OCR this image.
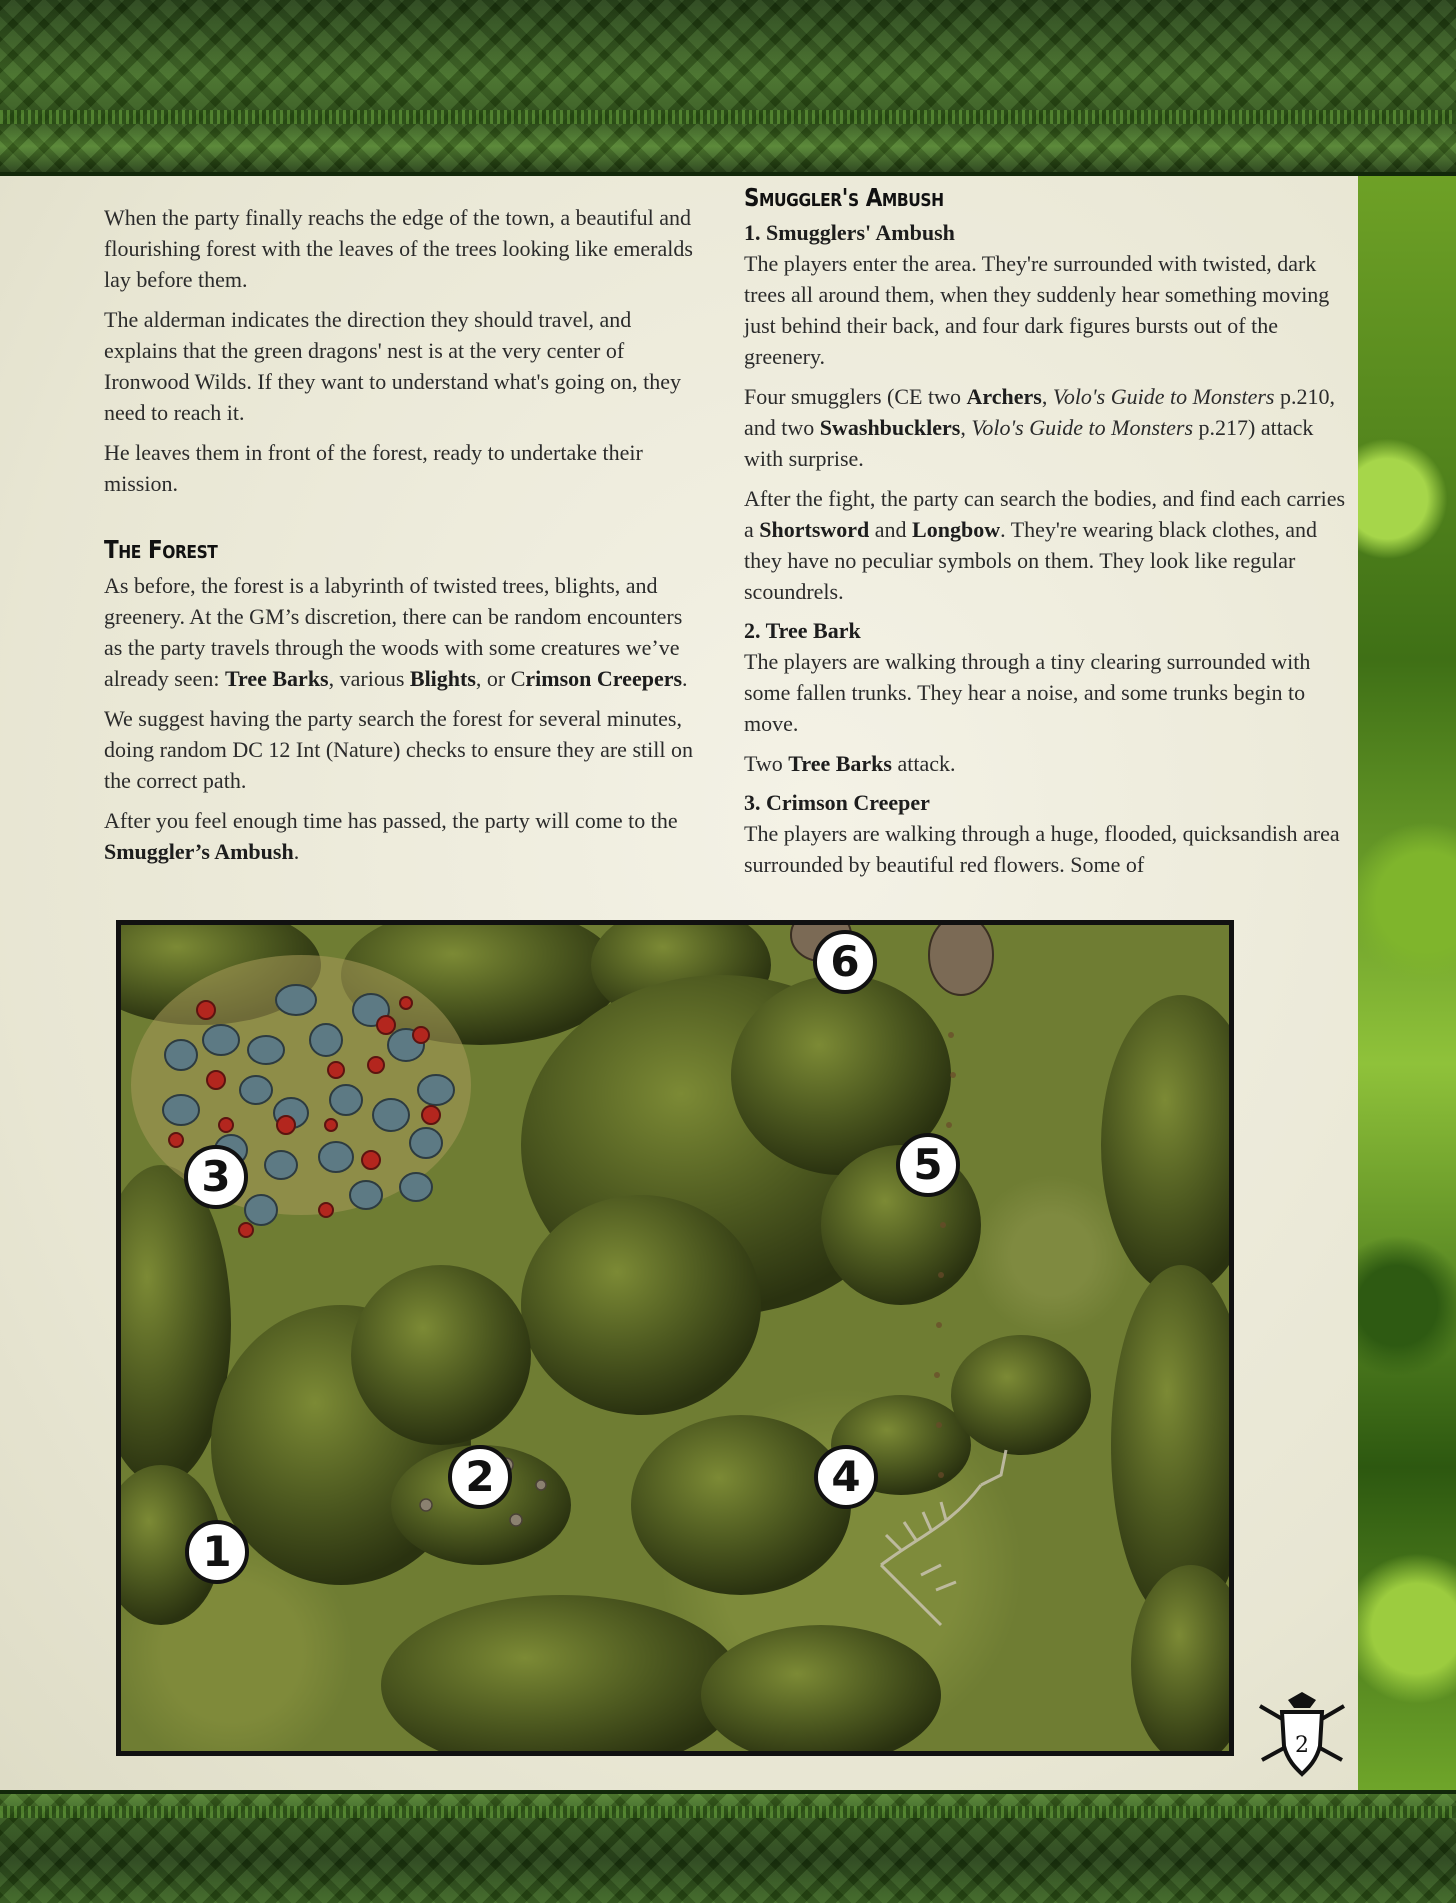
When the party finally reachs the edge of the town, a beautiful and flourishing forest with the leaves of the trees looking like emeralds lay before them.

The alderman indicates the direction they should travel, and explains that the green dragons' nest is at the very center of Ironwood Wilds. If they want to understand what's going on, they need to reach it.

He leaves them in front of the forest, ready to undertake their mission.

The Forest

As before, the forest is a labyrinth of twisted trees, blights, and greenery. At the GM’s discretion, there can be random encounters as the party travels through the woods with some creatures we’ve already seen: Tree Barks, various Blights, or Crimson Creepers.

We suggest having the party search the forest for several minutes, doing random DC 12 Int (Nature) checks to ensure they are still on the correct path.

After you feel enough time has passed, the party will come to the Smuggler’s Ambush.

Smuggler's Ambush
1. Smugglers' Ambush

The players enter the area. They're surrounded with twisted, dark trees all around them, when they suddenly hear something moving just behind their back, and four dark figures bursts out of the greenery.

Four smugglers (CE two Archers, Volo's Guide to Monsters p.210, and two Swashbucklers, Volo's Guide to Monsters p.217) attack with surprise.

After the fight, the party can search the bodies, and find each carries a Shortsword and Longbow. They're wearing black clothes, and they have no peculiar symbols on them. They look like regular scoundrels.

2. Tree Bark

The players are walking through a tiny clearing surrounded with some fallen trunks. They hear a noise, and some trunks begin to move.

Two Tree Barks attack.

3. Crimson Creeper

The players are walking through a huge, flooded, quicksandish area surrounded by beautiful red flowers. Some of

1
2
3
4
5
6
2
